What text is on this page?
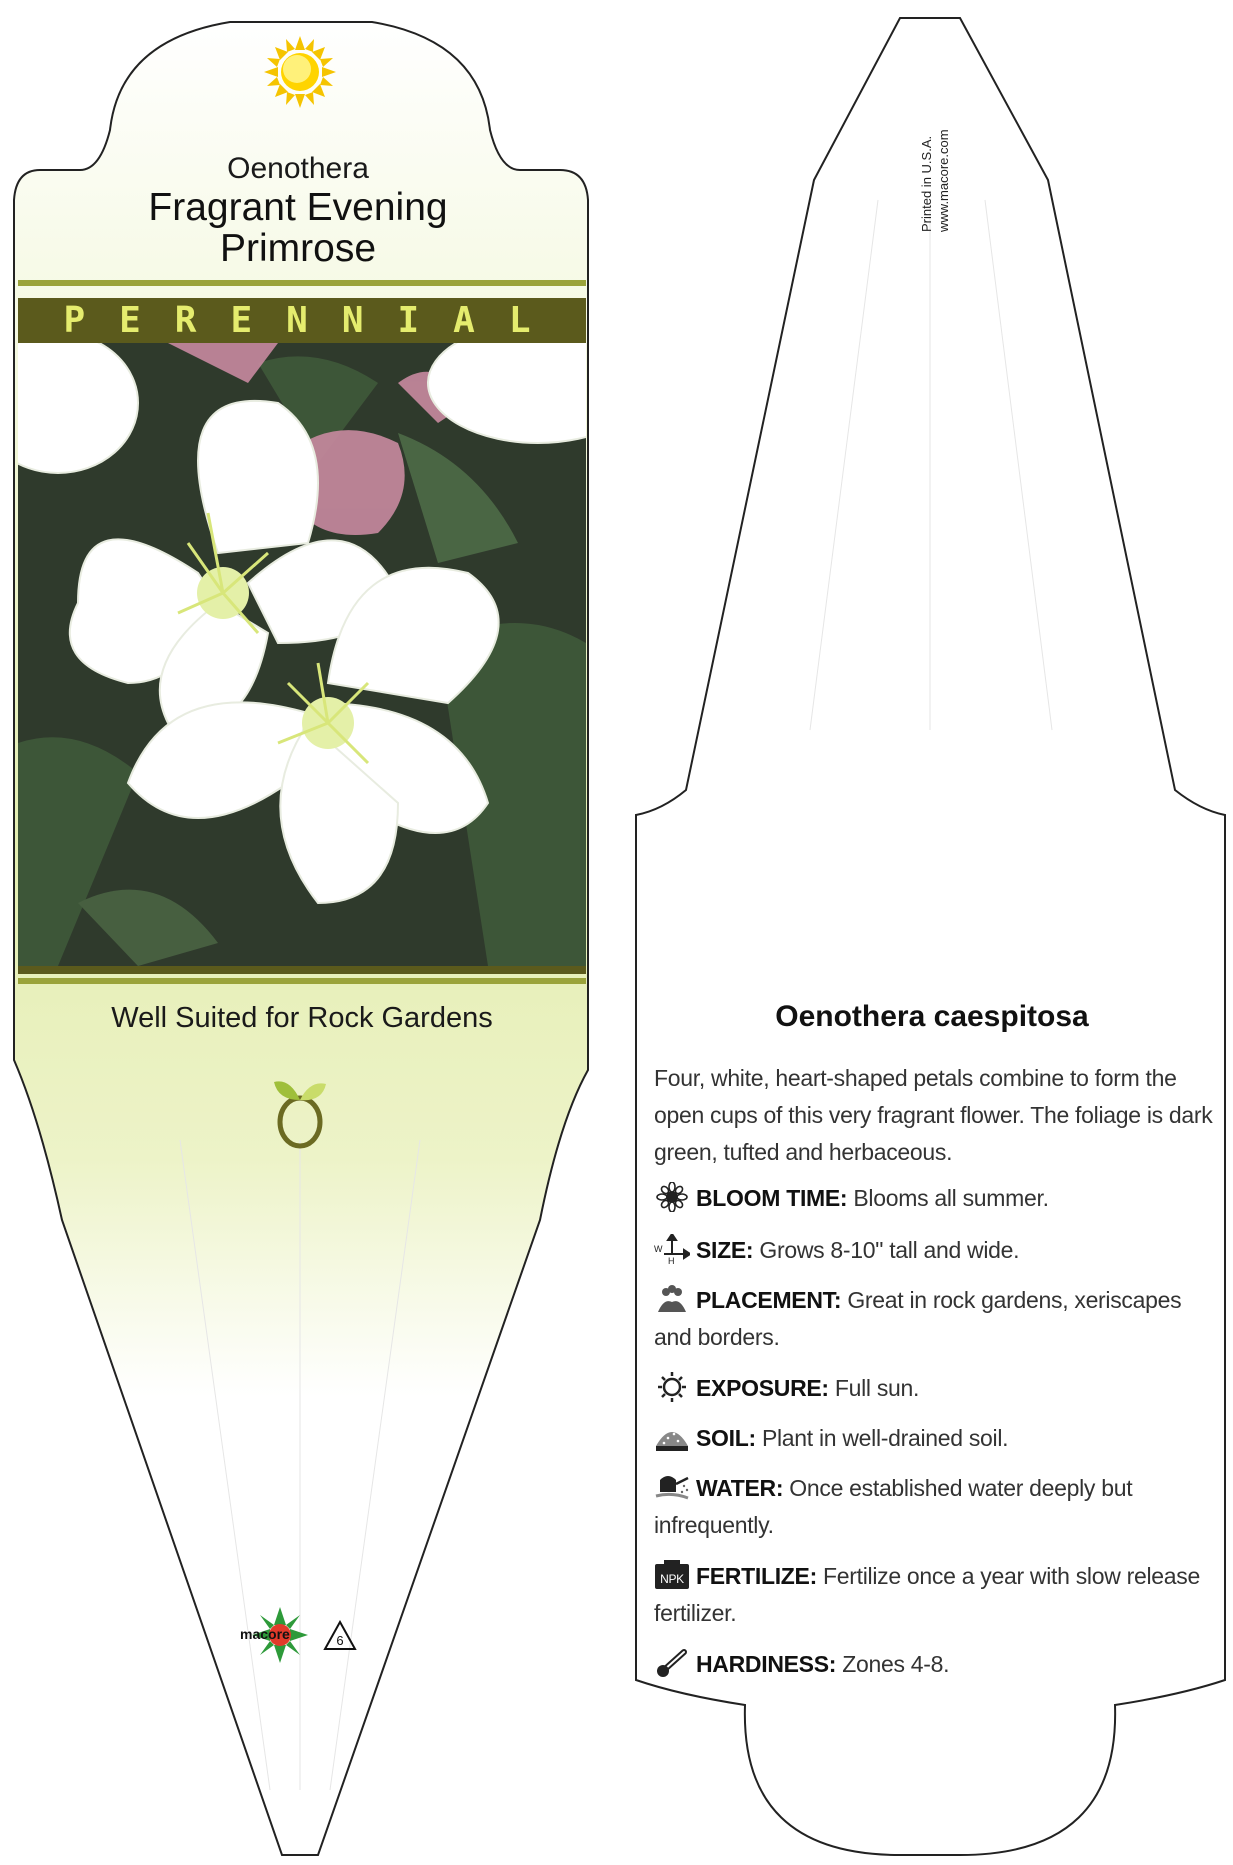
Oenothera
Fragrant Evening
Primrose
PERENNIAL
Well Suited for Rock Gardens
macore	6
Printed in U.S.A. www.macore.com
Oenothera caespitosa
Four, white, heart-shaped petals combine to form the open cups of this very fragrant flower. The foliage is dark green, tufted and herbaceous.
BLOOM TIME: Blooms all summer.
W
H SIZE: Grows 8-10" tall and wide.
PLACEMENT: Great in rock gardens, xeriscapes and borders.
EXPOSURE: Full sun.
SOIL: Plant in well-drained soil.
WATER: Once established water deeply but infrequently.
NPK FERTILIZE: Fertilize once a year with slow release fertilizer.
HARDINESS: Zones 4-8.
